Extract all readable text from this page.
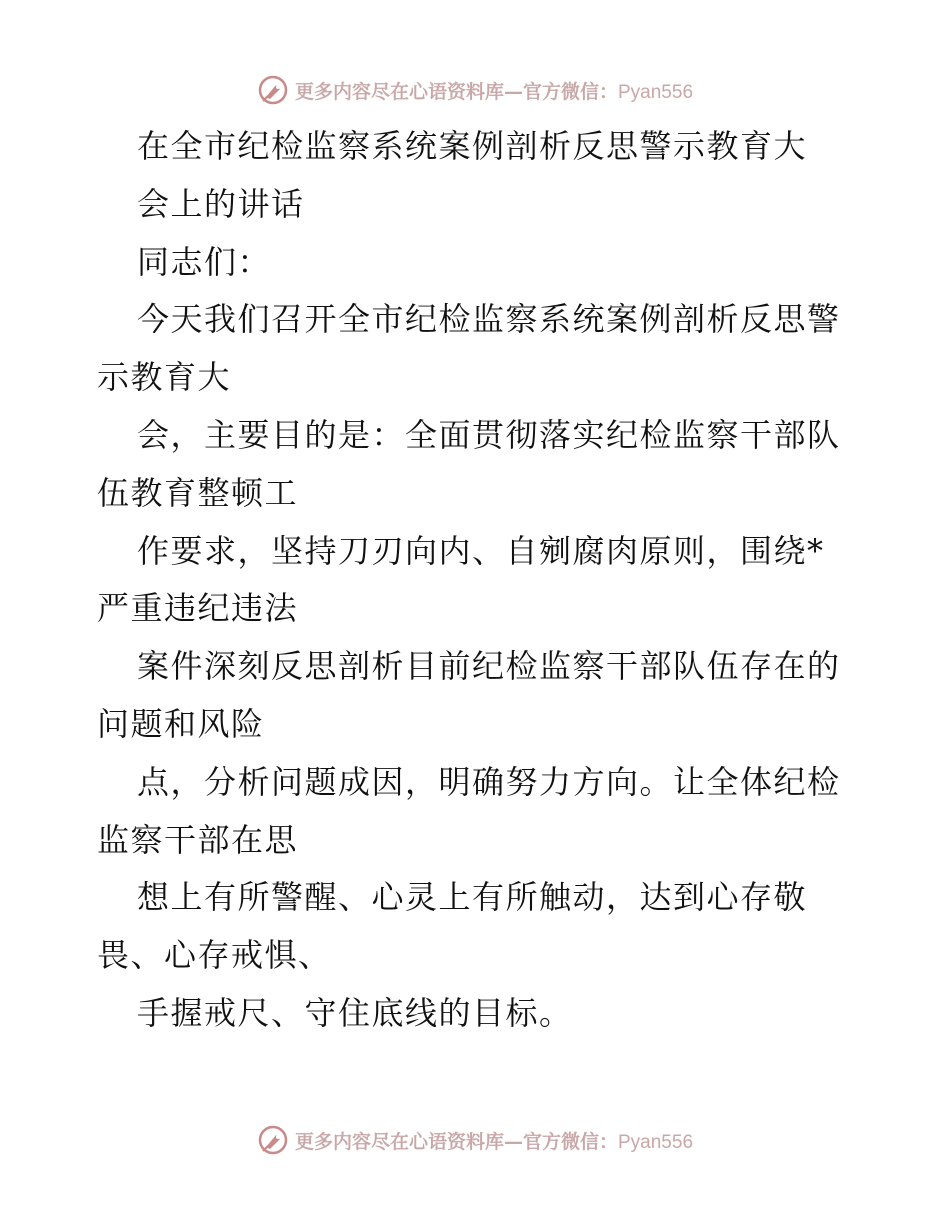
更多内容尽在心语资料库—官方微信：Pyan556
在全市纪检监察系统案例剖析反思警示教育大
会上的讲话
同志们：
今天我们召开全市纪检监察系统案例剖析反思警
示教育大
会，主要目的是：全面贯彻落实纪检监察干部队
伍教育整顿工
作要求，坚持刀刃向内、自剜腐肉原则，围绕*
严重违纪违法
案件深刻反思剖析目前纪检监察干部队伍存在的
问题和风险
点，分析问题成因，明确努力方向。让全体纪检
监察干部在思
想上有所警醒、心灵上有所触动，达到心存敬
畏、心存戒惧、
手握戒尺、守住底线的目标。
更多内容尽在心语资料库—官方微信：Pyan556
